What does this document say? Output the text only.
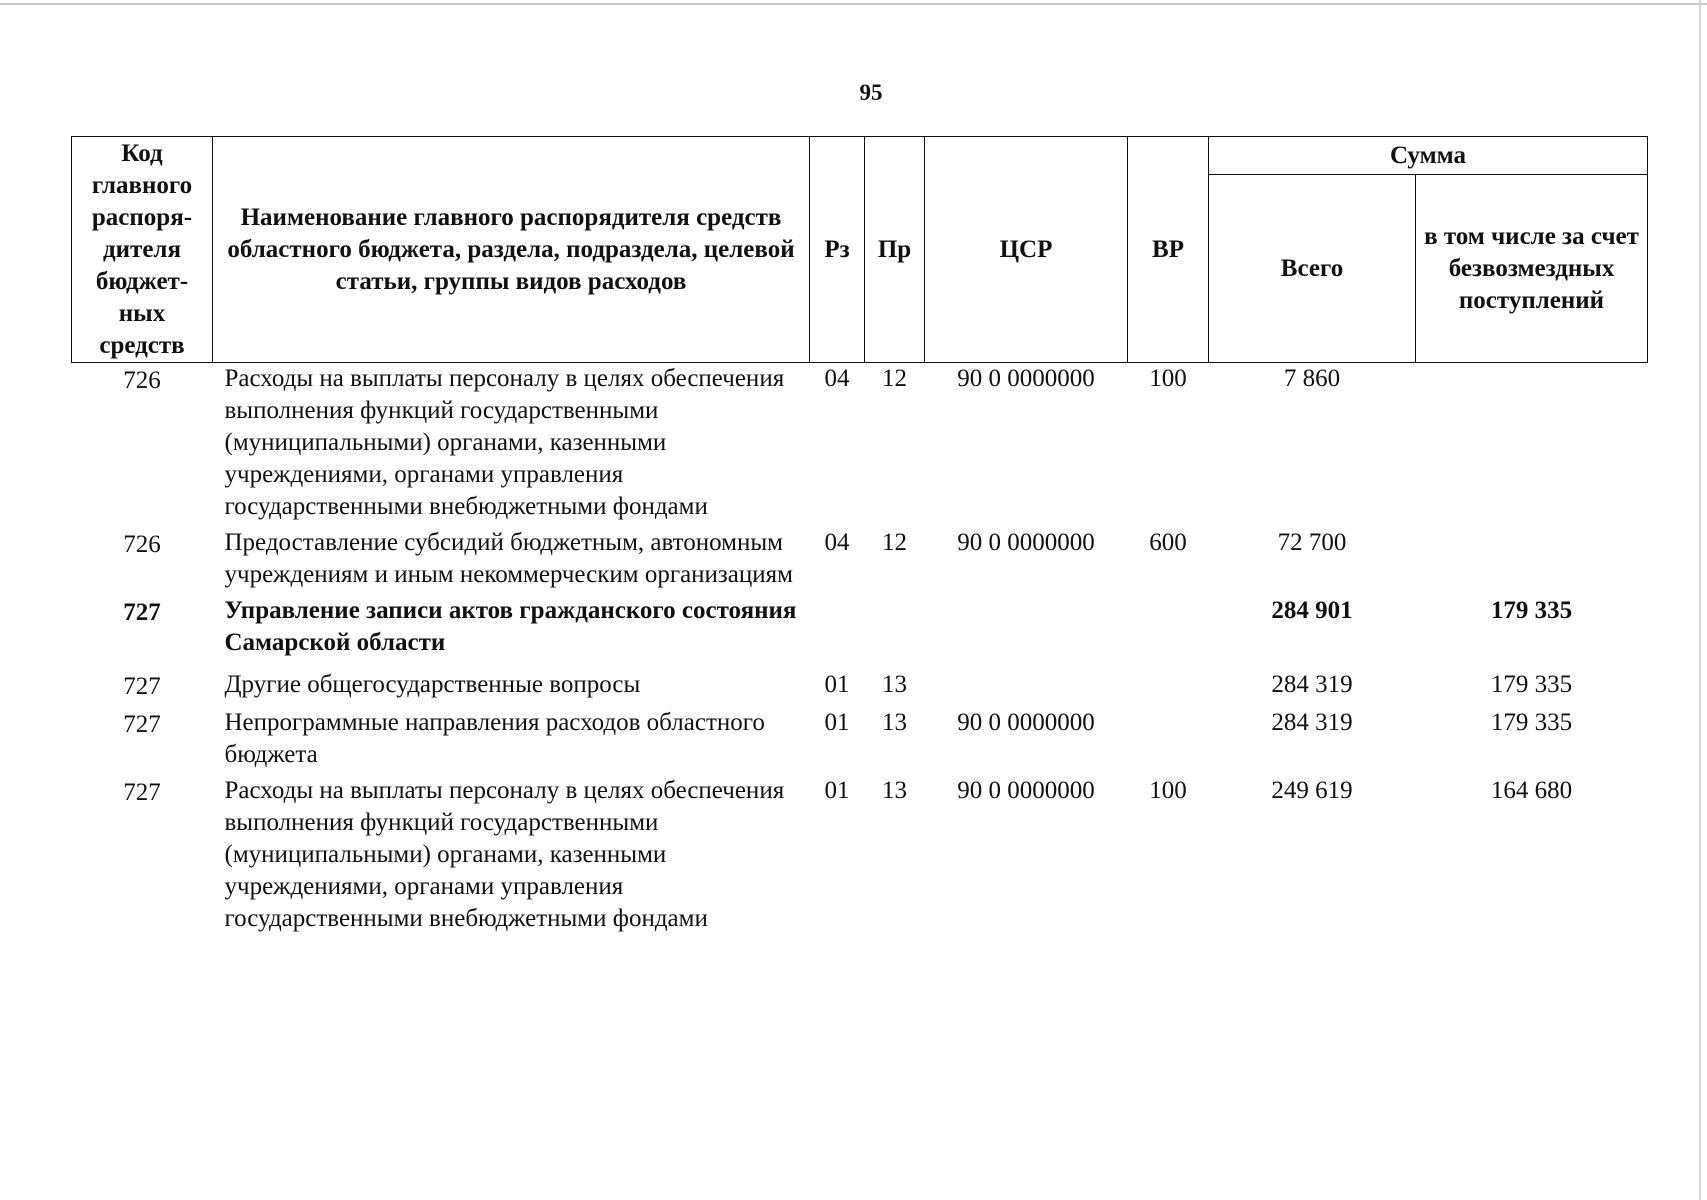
95
Код главного распоря-дителя бюджет-ных средств	Наименование главного распорядителя средств областного бюджета, раздела, подраздела, целевой статьи, группы видов расходов	Рз	Пр	ЦСР	ВР	Сумма	
						Всего	в том числе за счет безвозмездных поступлений
726	Расходы на выплаты персоналу в целях обеспечения выполнения функций государственными (муниципальными) органами, казенными учреждениями, органами управления государственными внебюджетными фондами	04	12	90 0 0000000	100	7 860	
726	Предоставление субсидий бюджетным, автономным учреждениям и иным некоммерческим организациям	04	12	90 0 0000000	600	72 700	
727	Управление записи актов гражданского состояния Самарской области					284 901	179 335
727	Другие общегосударственные вопросы	01	13			284 319	179 335
727	Непрограммные направления расходов областного бюджета	01	13	90 0 0000000		284 319	179 335
727	Расходы на выплаты персоналу в целях обеспечения выполнения функций государственными (муниципальными) органами, казенными учреждениями, органами управления государственными внебюджетными фондами	01	13	90 0 0000000	100	249 619	164 680
